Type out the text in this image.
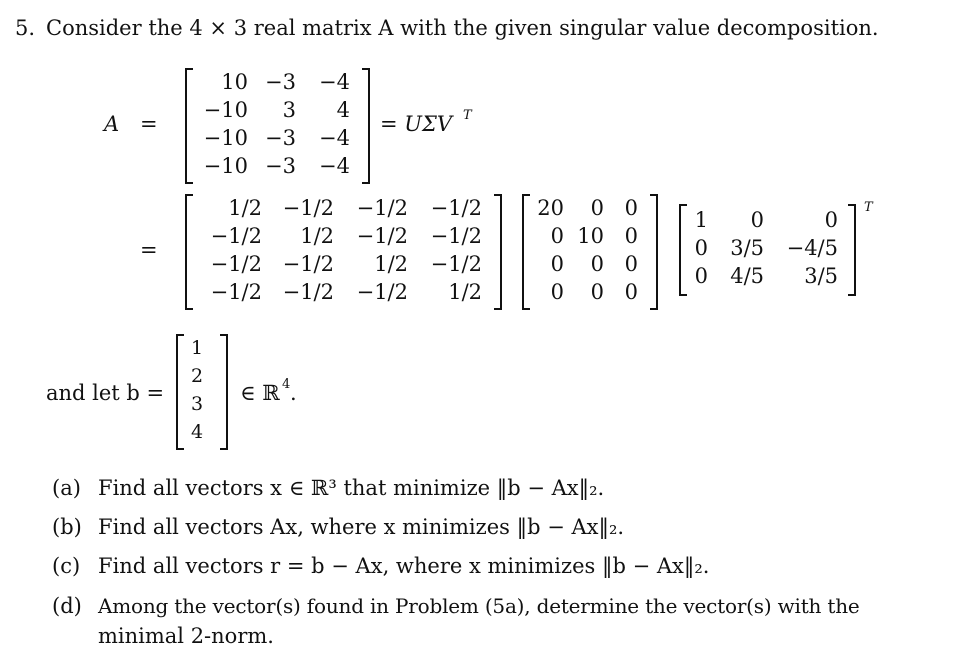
5. Consider the 4 × 3 real matrix A with the given singular value decomposition.
A =
10 −3	−4
−10	3	4
−10 −3	−4
−10 −3	−4
= UΣV T
=
1/2 −1/2	−1/2	−1/2
−1/2	1/2	−1/2	−1/2
−1/2 −1/2	1/2	−1/2
−1/2 −1/2	−1/2	1/2
20	0 0
0 10 0
0	0 0
0	0 0
1	0	0
0	3/5	−4/5
0	4/5	3/5
T
and let b =
1
2
3
4
∈ ℝ 4 .
(a) Find all vectors x ∈ ℝ³ that minimize ‖b − Ax‖₂.
(b) Find all vectors Ax, where x minimizes ‖b − Ax‖₂.
(c) Find all vectors r = b − Ax, where x minimizes ‖b − Ax‖₂.
(d) Among the vector(s) found in Problem (5a), determine the vector(s) with the
minimal 2-norm.
